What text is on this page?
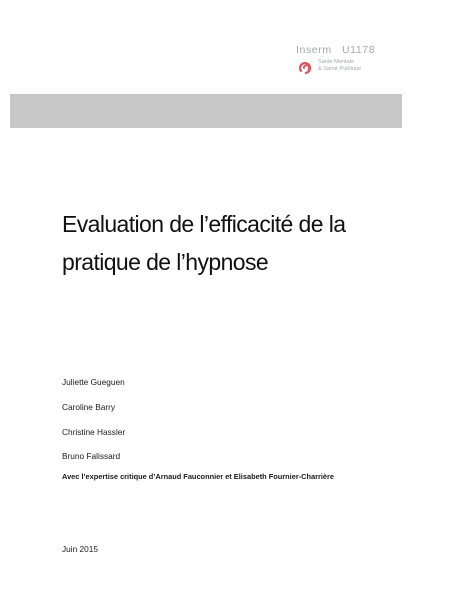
Inserm U1178
Santé Mentale
& Santé Publique
Evaluation de l’efficacité de la
pratique de l’hypnose
Juliette Gueguen
Caroline Barry
Christine Hassler
Bruno Falissard
Avec l’expertise critique d’Arnaud Fauconnier et Elisabeth Fournier-Charrière
Juin 2015
